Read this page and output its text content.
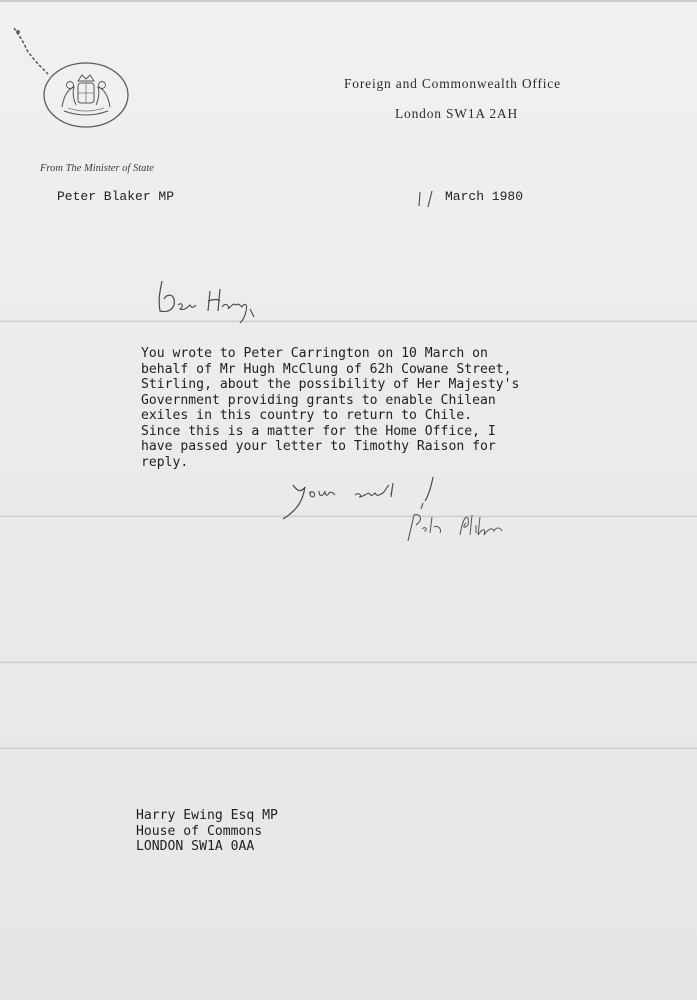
Foreign and Commonwealth Office
London SW1A 2AH
From The Minister of State
Peter Blaker MP	March 1980
You wrote to Peter Carrington on 10 March on
behalf of Mr Hugh McClung of 62h Cowane Street,
Stirling, about the possibility of Her Majesty's
Government providing grants to enable Chilean
exiles in this country to return to Chile.
Since this is a matter for the Home Office, I
have passed your letter to Timothy Raison for
reply.
Harry Ewing Esq MP
House of Commons
LONDON SW1A 0AA
